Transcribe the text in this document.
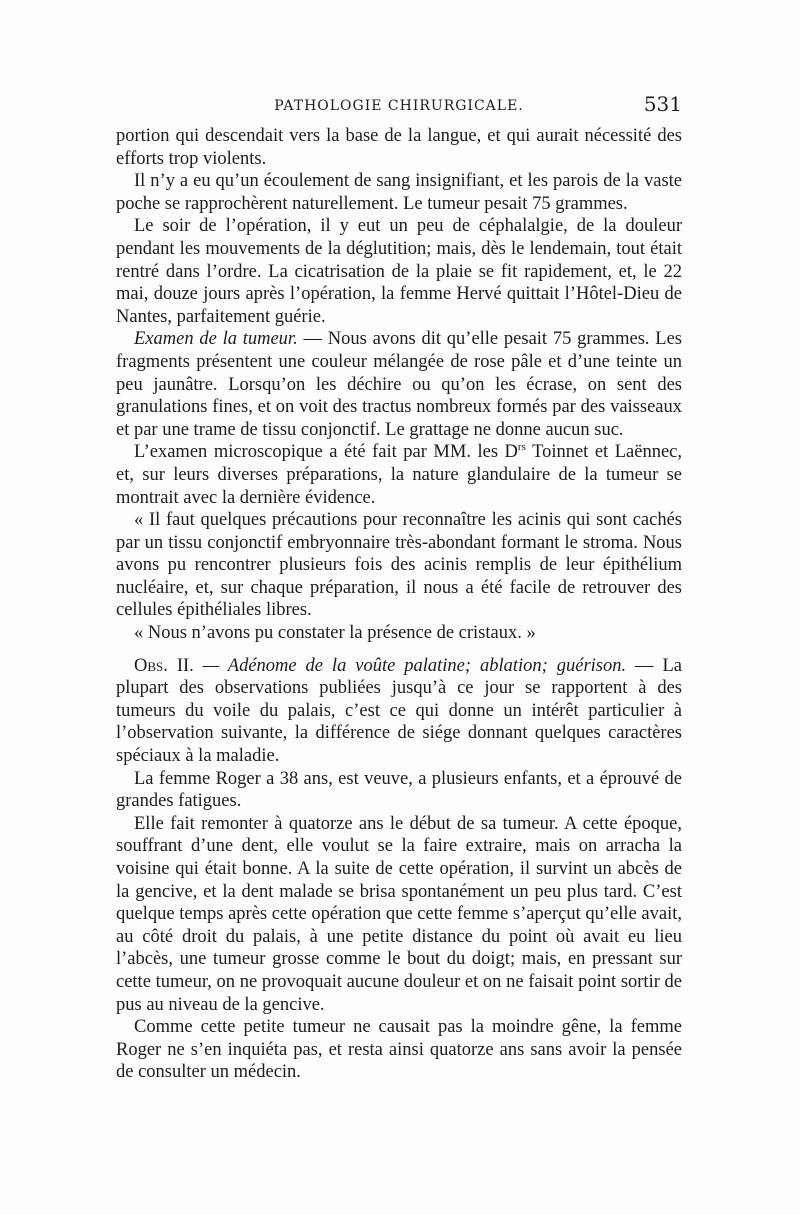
PATHOLOGIE CHIRURGICALE.	531

portion qui descendait vers la base de la langue, et qui aurait nécessité des efforts trop violents.

Il n’y a eu qu’un écoulement de sang insignifiant, et les parois de la vaste poche se rapprochèrent naturellement. Le tumeur pesait 75 grammes.

Le soir de l’opération, il y eut un peu de céphalalgie, de la douleur pendant les mouvements de la déglutition; mais, dès le lendemain, tout était rentré dans l’ordre. La cicatrisation de la plaie se fit rapidement, et, le 22 mai, douze jours après l’opération, la femme Hervé quittait l’Hôtel-Dieu de Nantes, parfaitement guérie.

Examen de la tumeur. — Nous avons dit qu’elle pesait 75 grammes. Les fragments présentent une couleur mélangée de rose pâle et d’une teinte un peu jaunâtre. Lorsqu’on les déchire ou qu’on les écrase, on sent des granulations fines, et on voit des tractus nombreux formés par des vaisseaux et par une trame de tissu conjonctif. Le grattage ne donne aucun suc.

L’examen microscopique a été fait par MM. les $D^{rs}$ Toinnet et Laënnec, et, sur leurs diverses préparations, la nature glandulaire de la tumeur se montrait avec la dernière évidence.

« Il faut quelques précautions pour reconnaître les acinis qui sont cachés par un tissu conjonctif embryonnaire très-abondant formant le stroma. Nous avons pu rencontrer plusieurs fois des acinis remplis de leur épithélium nucléaire, et, sur chaque préparation, il nous a été facile de retrouver des cellules épithéliales libres.

« Nous n’avons pu constater la présence de cristaux. »

Obs. II. — Adénome de la voûte palatine; ablation; guérison. — La plupart des observations publiées jusqu’à ce jour se rapportent à des tumeurs du voile du palais, c’est ce qui donne un intérêt particulier à l’observation suivante, la différence de siége donnant quelques caractères spéciaux à la maladie.

La femme Roger a 38 ans, est veuve, a plusieurs enfants, et a éprouvé de grandes fatigues.

Elle fait remonter à quatorze ans le début de sa tumeur. A cette époque, souffrant d’une dent, elle voulut se la faire extraire, mais on arracha la voisine qui était bonne. A la suite de cette opération, il survint un abcès de la gencive, et la dent malade se brisa spontanément un peu plus tard. C’est quelque temps après cette opération que cette femme s’aperçut qu’elle avait, au côté droit du palais, à une petite distance du point où avait eu lieu l’abcès, une tumeur grosse comme le bout du doigt; mais, en pressant sur cette tumeur, on ne provoquait aucune douleur et on ne faisait point sortir de pus au niveau de la gencive.

Comme cette petite tumeur ne causait pas la moindre gêne, la femme Roger ne s’en inquiéta pas, et resta ainsi quatorze ans sans avoir la pensée de consulter un médecin.
